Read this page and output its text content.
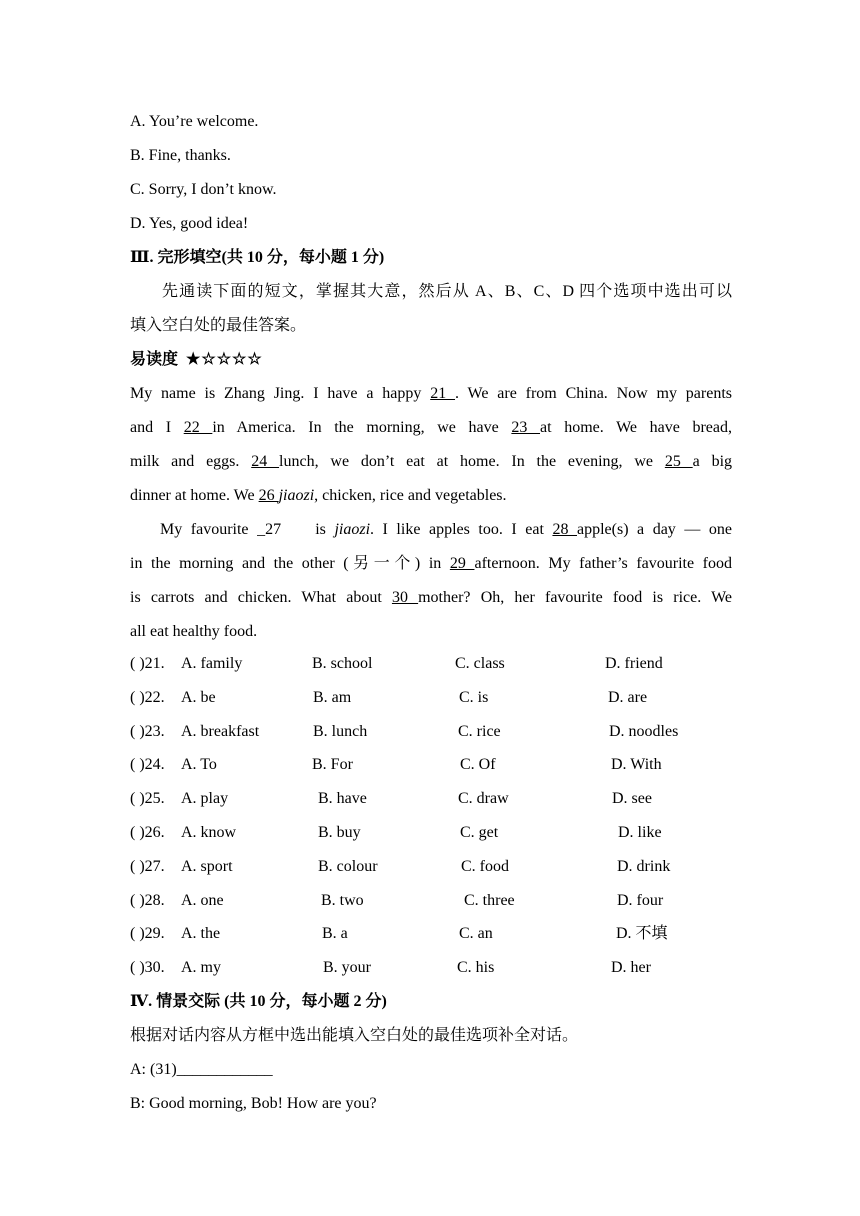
A. You’re welcome.
B. Fine, thanks.
C. Sorry, I don’t know.
D. Yes, good idea!
Ⅲ. 完形填空(共 10 分，每小题 1 分)
先通读下面的短文，掌握其大意，然后从 A、B、C、D 四个选项中选出可以
填入空白处的最佳答案。
易读度 ★☆☆☆☆
My name is Zhang Jing. I have a happy 21 . We are from China. Now my parents
and I 22 in America. In the morning, we have 23 at home. We have bread,
milk and eggs. 24 lunch, we don’t eat at home. In the evening, we 25 a big
dinner at home. We 26 jiaozi, chicken, rice and vegetables.
My favourite _27    is jiaozi. I like apples too. I eat 28 apple(s) a day — one
in the morning and the other (另一个) in 29 afternoon. My father’s favourite food
is carrots and chicken. What about 30 mother? Oh, her favourite food is rice. We
all eat healthy food.
( )21. A. family	B. school	C. class	D. friend
( )22. A. be	B. am	C. is	D. are
( )23. A. breakfast	B. lunch	C. rice	D. noodles
( )24. A. To	B. For	C. Of	D. With
( )25. A. play	B. have	C. draw	D. see
( )26. A. know	B. buy	C. get	D. like
( )27. A. sport	B. colour	C. food	D. drink
( )28. A. one	B. two	C. three	D. four
( )29. A. the	B. a	C. an	D. 不填
( )30. A. my	B. your	C. his	D. her
Ⅳ. 情景交际 (共 10 分，每小题 2 分)
根据对话内容从方框中选出能填入空白处的最佳选项补全对话。
A: (31)____________
B: Good morning, Bob! How are you?
